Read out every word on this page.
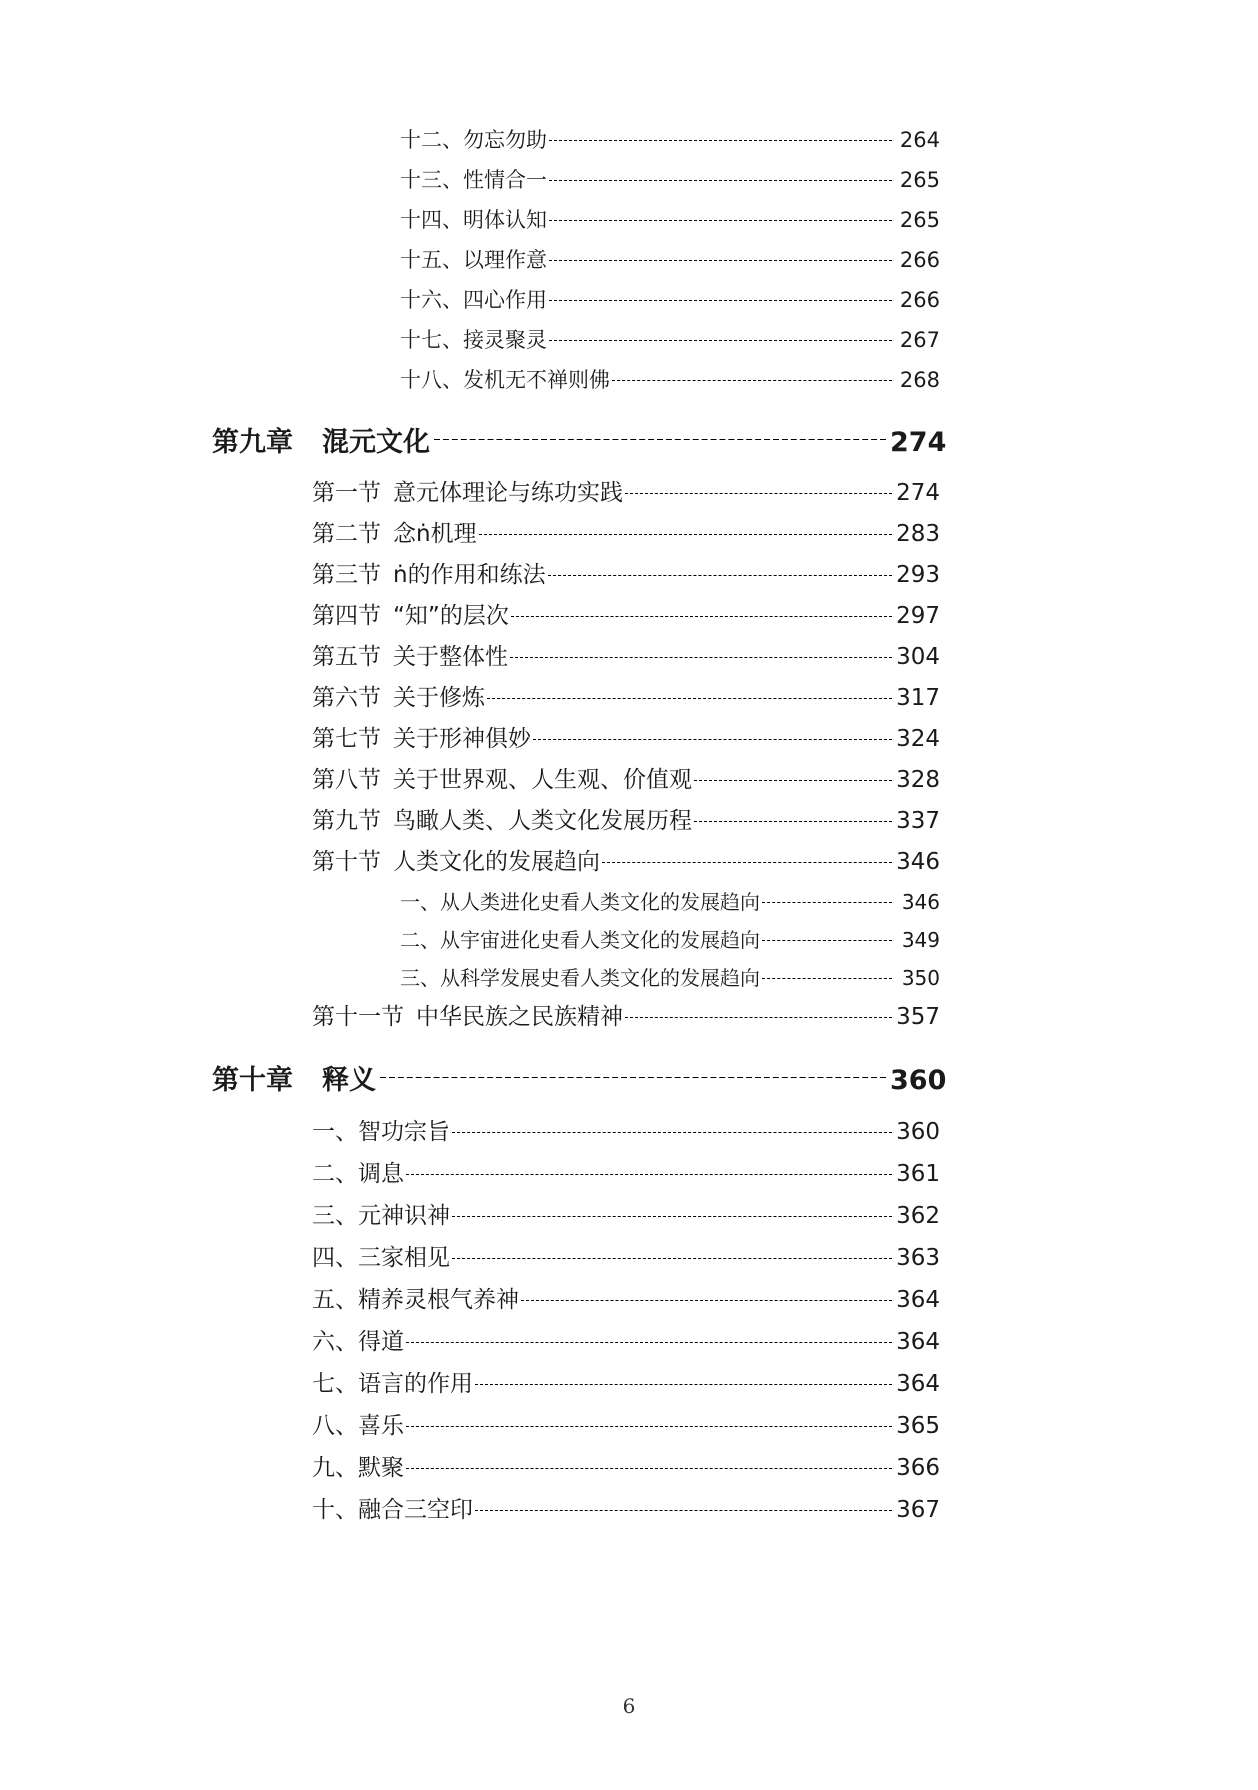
十二、勿忘勿助	264
十三、性情合一	265
十四、明体认知	265
十五、以理作意	266
十六、四心作用	266
十七、接灵聚灵	267
十八、发机无不禅则佛	268
第九章	混元文化	274
第一节 意元体理论与练功实践	274
第二节 念ṅ机理	283
第三节 ṅ的作用和练法	293
第四节 “知”的层次	297
第五节 关于整体性	304
第六节 关于修炼	317
第七节 关于形神俱妙	324
第八节 关于世界观、人生观、价值观	328
第九节 鸟瞰人类、人类文化发展历程	337
第十节 人类文化的发展趋向	346
一、从人类进化史看人类文化的发展趋向	346
二、从宇宙进化史看人类文化的发展趋向	349
三、从科学发展史看人类文化的发展趋向	350
第十一节 中华民族之民族精神	357
第十章	释义	360
一、智功宗旨	360
二、调息	361
三、元神识神	362
四、三家相见	363
五、精养灵根气养神	364
六、得道	364
七、语言的作用	364
八、喜乐	365
九、默聚	366
十、融合三空印	367
6
